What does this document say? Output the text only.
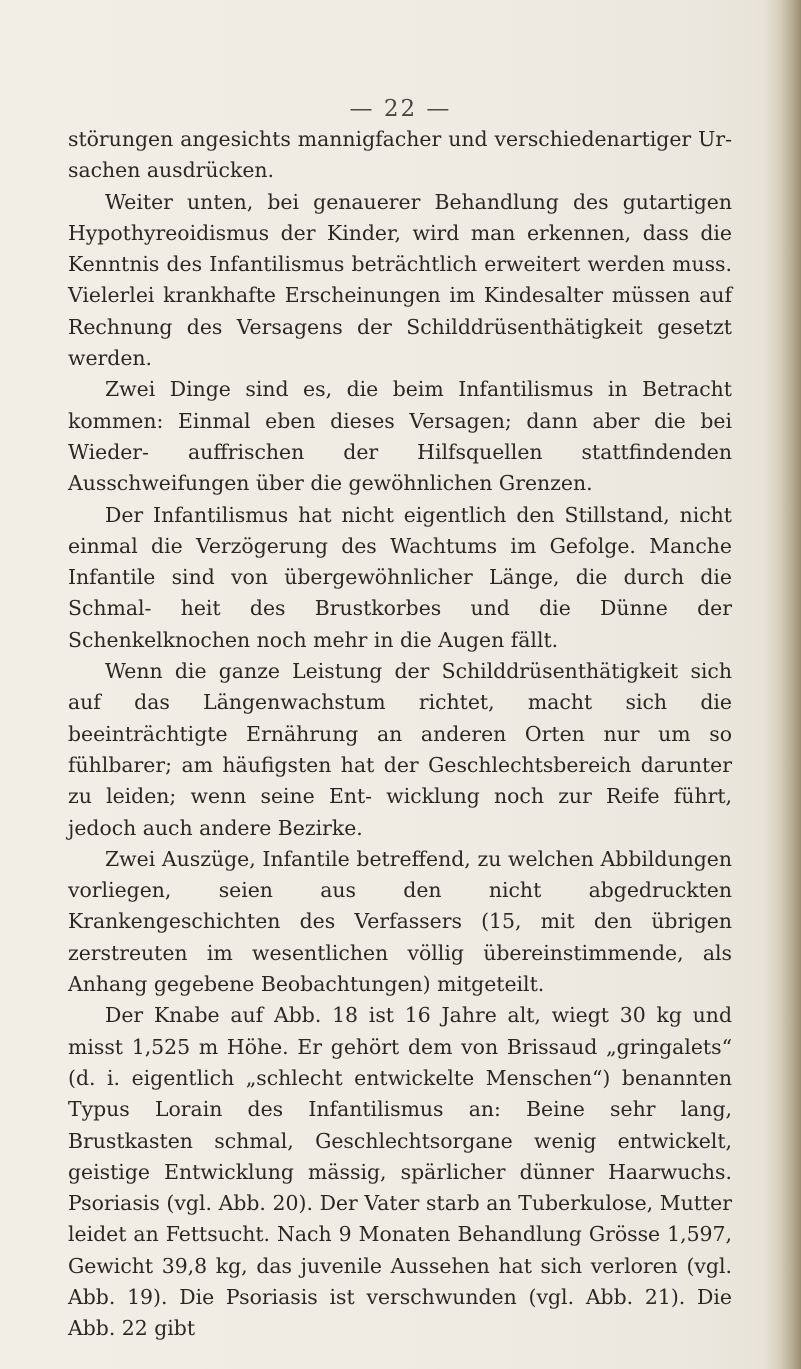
— 22 —

störungen angesichts mannigfacher und verschiedenartiger Ur- sachen ausdrücken.

Weiter unten, bei genauerer Behandlung des gutartigen Hypothyreoidismus der Kinder, wird man erkennen, dass die Kenntnis des Infantilismus beträchtlich erweitert werden muss. Vielerlei krankhafte Erscheinungen im Kindesalter müssen auf Rechnung des Versagens der Schilddrüsenthätigkeit gesetzt werden.

Zwei Dinge sind es, die beim Infantilismus in Betracht kommen: Einmal eben dieses Versagen; dann aber die bei Wieder- auffrischen der Hilfsquellen stattfindenden Ausschweifungen über die gewöhnlichen Grenzen.

Der Infantilismus hat nicht eigentlich den Stillstand, nicht einmal die Verzögerung des Wachtums im Gefolge. Manche Infantile sind von übergewöhnlicher Länge, die durch die Schmal- heit des Brustkorbes und die Dünne der Schenkelknochen noch mehr in die Augen fällt.

Wenn die ganze Leistung der Schilddrüsenthätigkeit sich auf das Längenwachstum richtet, macht sich die beeinträchtigte Ernährung an anderen Orten nur um so fühlbarer; am häufigsten hat der Geschlechtsbereich darunter zu leiden; wenn seine Ent- wicklung noch zur Reife führt, jedoch auch andere Bezirke.

Zwei Auszüge, Infantile betreffend, zu welchen Abbildungen vorliegen, seien aus den nicht abgedruckten Krankengeschichten des Verfassers (15, mit den übrigen zerstreuten im wesentlichen völlig übereinstimmende, als Anhang gegebene Beobachtungen) mitgeteilt.

Der Knabe auf Abb. 18 ist 16 Jahre alt, wiegt 30 kg und misst 1,525 m Höhe. Er gehört dem von Brissaud „gringalets“ (d. i. eigentlich „schlecht entwickelte Menschen“) benannten Typus Lorain des Infantilismus an: Beine sehr lang, Brustkasten schmal, Geschlechtsorgane wenig entwickelt, geistige Entwicklung mässig, spärlicher dünner Haarwuchs. Psoriasis (vgl. Abb. 20). Der Vater starb an Tuberkulose, Mutter leidet an Fettsucht. Nach 9 Monaten Behandlung Grösse 1,597, Gewicht 39,8 kg, das juvenile Aussehen hat sich verloren (vgl. Abb. 19). Die Psoriasis ist verschwunden (vgl. Abb. 21). Die Abb. 22 gibt
